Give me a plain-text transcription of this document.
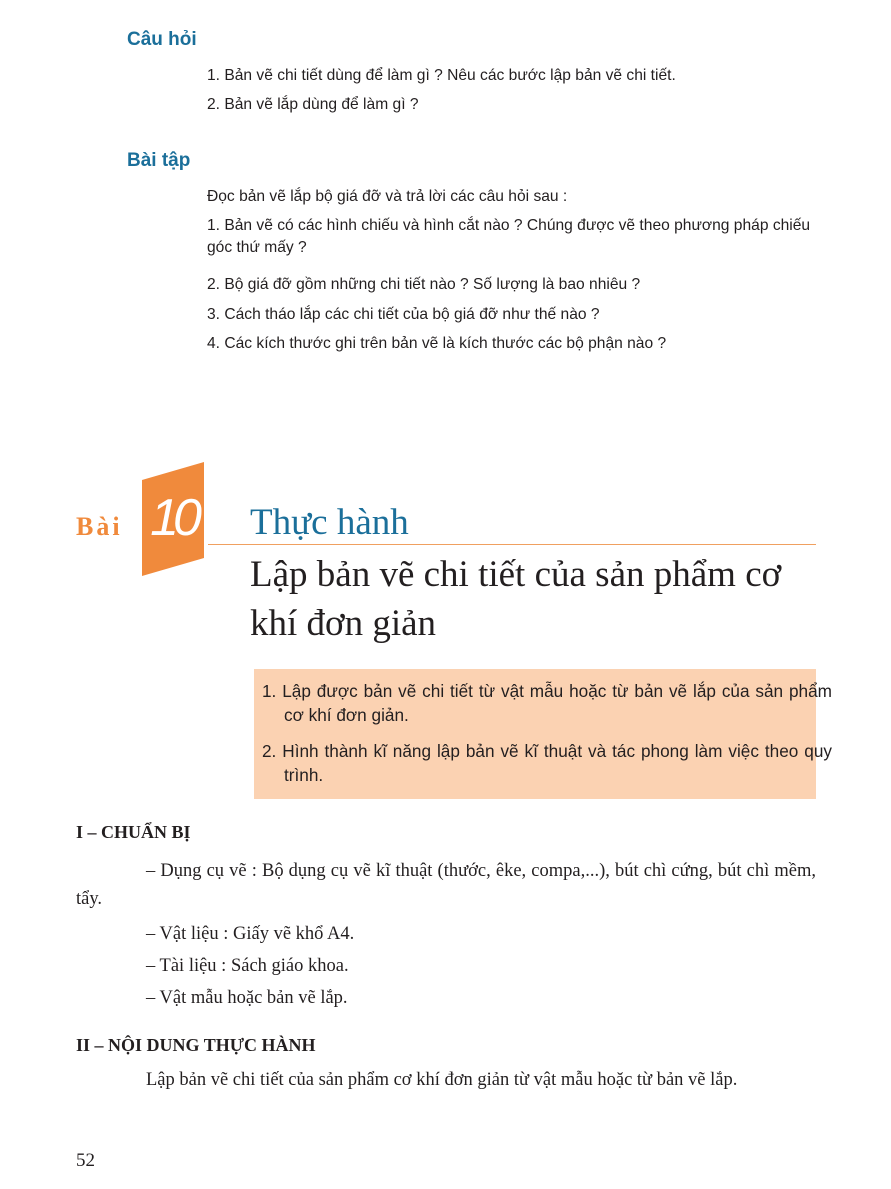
Câu hỏi
1. Bản vẽ chi tiết dùng để làm gì ? Nêu các bước lập bản vẽ chi tiết.
2. Bản vẽ lắp dùng để làm gì ?
Bài tập
Đọc bản vẽ lắp bộ giá đỡ và trả lời các câu hỏi sau :
1. Bản vẽ có các hình chiếu và hình cắt nào ? Chúng được vẽ theo phương pháp chiếu góc thứ mấy ?
2. Bộ giá đỡ gồm những chi tiết nào ? Số lượng là bao nhiêu ?
3. Cách tháo lắp các chi tiết của bộ giá đỡ như thế nào ?
4. Các kích thước ghi trên bản vẽ là kích thước các bộ phận nào ?
Bài 10 Thực hành
Lập bản vẽ chi tiết của sản phẩm cơ khí đơn giản
1. Lập được bản vẽ chi tiết từ vật mẫu hoặc từ bản vẽ lắp của sản phẩm cơ khí đơn giản.
2. Hình thành kĩ năng lập bản vẽ kĩ thuật và tác phong làm việc theo quy trình.
I – CHUẨN BỊ
– Dụng cụ vẽ : Bộ dụng cụ vẽ kĩ thuật (thước, êke, compa,...), bút chì cứng, bút chì mềm, tẩy.
– Vật liệu : Giấy vẽ khổ A4.
– Tài liệu : Sách giáo khoa.
– Vật mẫu hoặc bản vẽ lắp.
II – NỘI DUNG THỰC HÀNH
Lập bản vẽ chi tiết của sản phẩm cơ khí đơn giản từ vật mẫu hoặc từ bản vẽ lắp.
52
